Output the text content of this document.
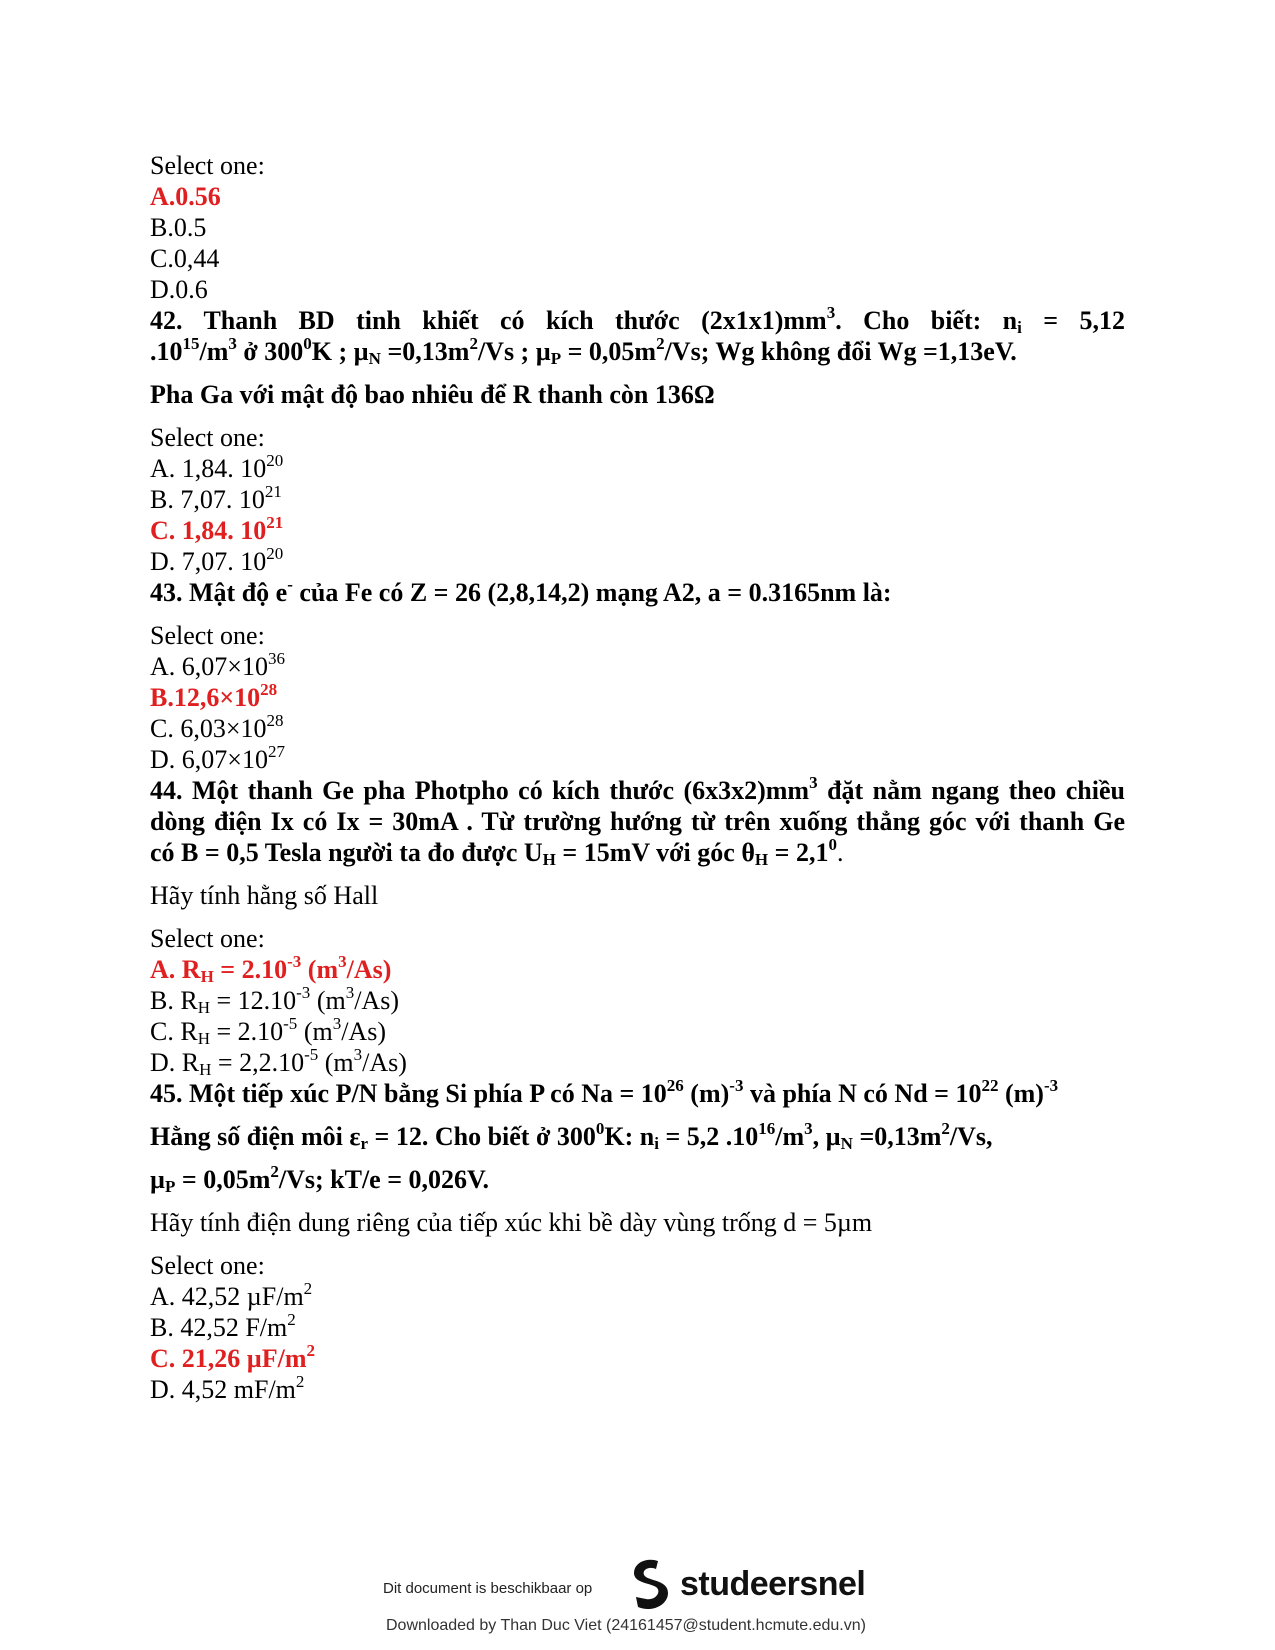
Select one:
A.0.56
B.0.5
C.0,44
D.0.6
42. Thanh BD tinh khiết có kích thước $(2x1x1)mm^3$. Cho biết: $n_i = 5,12$
$.10^{15}/m^3$ ở $300^0K$ ; $\mu_N =0,13m^2/Vs$ ; $\mu_P = 0,05m^2/Vs$; Wg không đổi Wg =1,13eV.
Pha Ga với mật độ bao nhiêu để R thanh còn 136Ω
Select one:
A. 1,84. $10^{20}$
B. 7,07. $10^{21}$
C. 1,84. $10^{21}$
D. 7,07. $10^{20}$
43. Mật độ e- của Fe có Z = 26 (2,8,14,2) mạng A2, a = 0.3165nm là:
Select one:
A. $6,07\times 10^{36}$
$B.12,6\times 10^{28}$
C. $6,03\times 10^{28}$
D. $6,07\times 10^{27}$
44. Một thanh Ge pha Photpho có kích thước $(6x3x2)mm^3$ đặt nằm ngang theo chiều
dòng điện Ix có Ix = 30mA . Từ trường hướng từ trên xuống thẳng góc với thanh Ge
có B = 0,5 Tesla người ta đo được $U_H = 15mV$ với góc $\theta_H = 2,1^0$.
Hãy tính hằng số Hall
Select one:
A. $R_H = 2.10^{-3}$ $(m^3/As)$
B. $R_H = 12.10^{-3}$ $(m^3/As)$
C. $R_H = 2.10^{-5}$ $(m^3/As)$
D. $R_H = 2,2.10^{-5}$ $(m^3/As)$
45. Một tiếp xúc P/N bằng Si phía P có $Na = 10^{26}$ $(m)^{-3}$ và phía N có $Nd = 10^{22}$ $(m)^{-3}$
Hằng số điện môi $\varepsilon_r = 12$. Cho biết ở $300^0K$: $n_i = 5,2$ $.10^{16}/m^3$, $\mu_N =0,13m^2/Vs$,
$\mu_P = 0,05m^2/Vs$; kT/e = 0,026V.
Hãy tính điện dung riêng của tiếp xúc khi bề dày vùng trống d = 5µm
Select one:
A. 42,52 $\mu F/m^2$
B. 42,52 $F/m^2$
C. 21,26 $\mu F/m^2$
D. 4,52 $mF/m^2$
Dit document is beschikbaar op	studeersnel
Downloaded by Than Duc Viet (24161457@student.hcmute.edu.vn)
